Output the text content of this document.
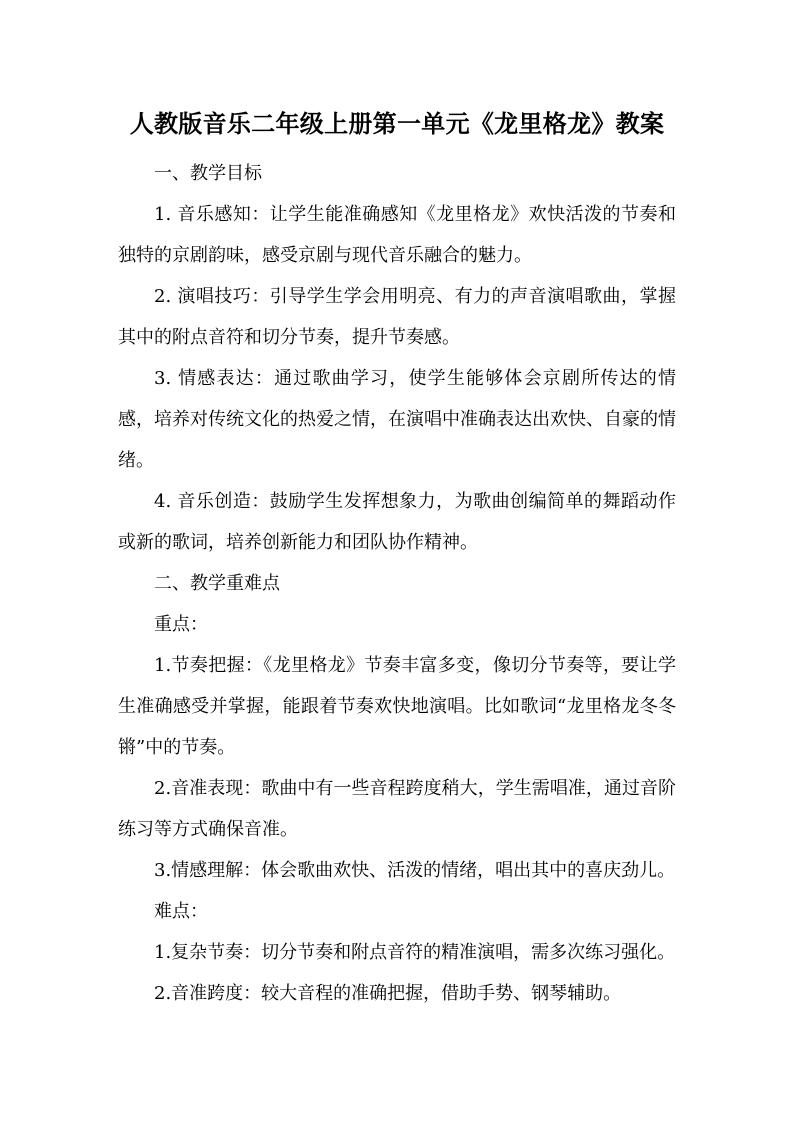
人教版音乐二年级上册第一单元《龙里格龙》教案

一、教学目标

1. 音乐感知：让学生能准确感知《龙里格龙》欢快活泼的节奏和独特的京剧韵味，感受京剧与现代音乐融合的魅力。

2. 演唱技巧：引导学生学会用明亮、有力的声音演唱歌曲，掌握其中的附点音符和切分节奏，提升节奏感。

3. 情感表达：通过歌曲学习，使学生能够体会京剧所传达的情感，培养对传统文化的热爱之情，在演唱中准确表达出欢快、自豪的情绪。

4. 音乐创造：鼓励学生发挥想象力，为歌曲创编简单的舞蹈动作或新的歌词，培养创新能力和团队协作精神。

二、教学重难点

重点：

1.节奏把握：《龙里格龙》节奏丰富多变，像切分节奏等，要让学生准确感受并掌握，能跟着节奏欢快地演唱。比如歌词“龙里格龙冬冬锵”中的节奏。

2.音准表现：歌曲中有一些音程跨度稍大，学生需唱准，通过音阶练习等方式确保音准。

3.情感理解：体会歌曲欢快、活泼的情绪，唱出其中的喜庆劲儿。

难点：

1.复杂节奏：切分节奏和附点音符的精准演唱，需多次练习强化。

2.音准跨度：较大音程的准确把握，借助手势、钢琴辅助。
